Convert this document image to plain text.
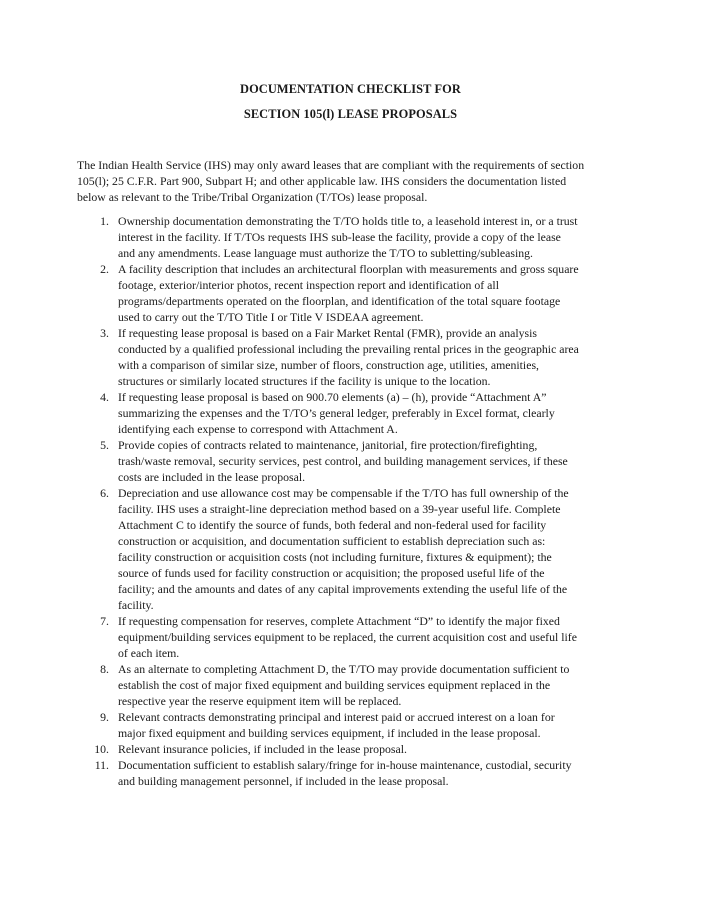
DOCUMENTATION CHECKLIST FOR
SECTION 105(l) LEASE PROPOSALS

The Indian Health Service (IHS) may only award leases that are compliant with the requirements of section
105(l); 25 C.F.R. Part 900, Subpart H; and other applicable law. IHS considers the documentation listed
below as relevant to the Tribe/Tribal Organization (T/TOs) lease proposal.

1. Ownership documentation demonstrating the T/TO holds title to, a leasehold interest in, or a trust
interest in the facility. If T/TOs requests IHS sub-lease the facility, provide a copy of the lease
and any amendments. Lease language must authorize the T/TO to subletting/subleasing.
2. A facility description that includes an architectural floorplan with measurements and gross square
footage, exterior/interior photos, recent inspection report and identification of all
programs/departments operated on the floorplan, and identification of the total square footage
used to carry out the T/TO Title I or Title V ISDEAA agreement.
3. If requesting lease proposal is based on a Fair Market Rental (FMR), provide an analysis
conducted by a qualified professional including the prevailing rental prices in the geographic area
with a comparison of similar size, number of floors, construction age, utilities, amenities,
structures or similarly located structures if the facility is unique to the location.
4. If requesting lease proposal is based on 900.70 elements (a) – (h), provide “Attachment A”
summarizing the expenses and the T/TO’s general ledger, preferably in Excel format, clearly
identifying each expense to correspond with Attachment A.
5. Provide copies of contracts related to maintenance, janitorial, fire protection/firefighting,
trash/waste removal, security services, pest control, and building management services, if these
costs are included in the lease proposal.
6. Depreciation and use allowance cost may be compensable if the T/TO has full ownership of the
facility. IHS uses a straight-line depreciation method based on a 39-year useful life. Complete
Attachment C to identify the source of funds, both federal and non-federal used for facility
construction or acquisition, and documentation sufficient to establish depreciation such as:
facility construction or acquisition costs (not including furniture, fixtures & equipment); the
source of funds used for facility construction or acquisition; the proposed useful life of the
facility; and the amounts and dates of any capital improvements extending the useful life of the
facility.
7. If requesting compensation for reserves, complete Attachment “D” to identify the major fixed
equipment/building services equipment to be replaced, the current acquisition cost and useful life
of each item.
8. As an alternate to completing Attachment D, the T/TO may provide documentation sufficient to
establish the cost of major fixed equipment and building services equipment replaced in the
respective year the reserve equipment item will be replaced.
9. Relevant contracts demonstrating principal and interest paid or accrued interest on a loan for
major fixed equipment and building services equipment, if included in the lease proposal.
10. Relevant insurance policies, if included in the lease proposal.
11. Documentation sufficient to establish salary/fringe for in-house maintenance, custodial, security
and building management personnel, if included in the lease proposal.
